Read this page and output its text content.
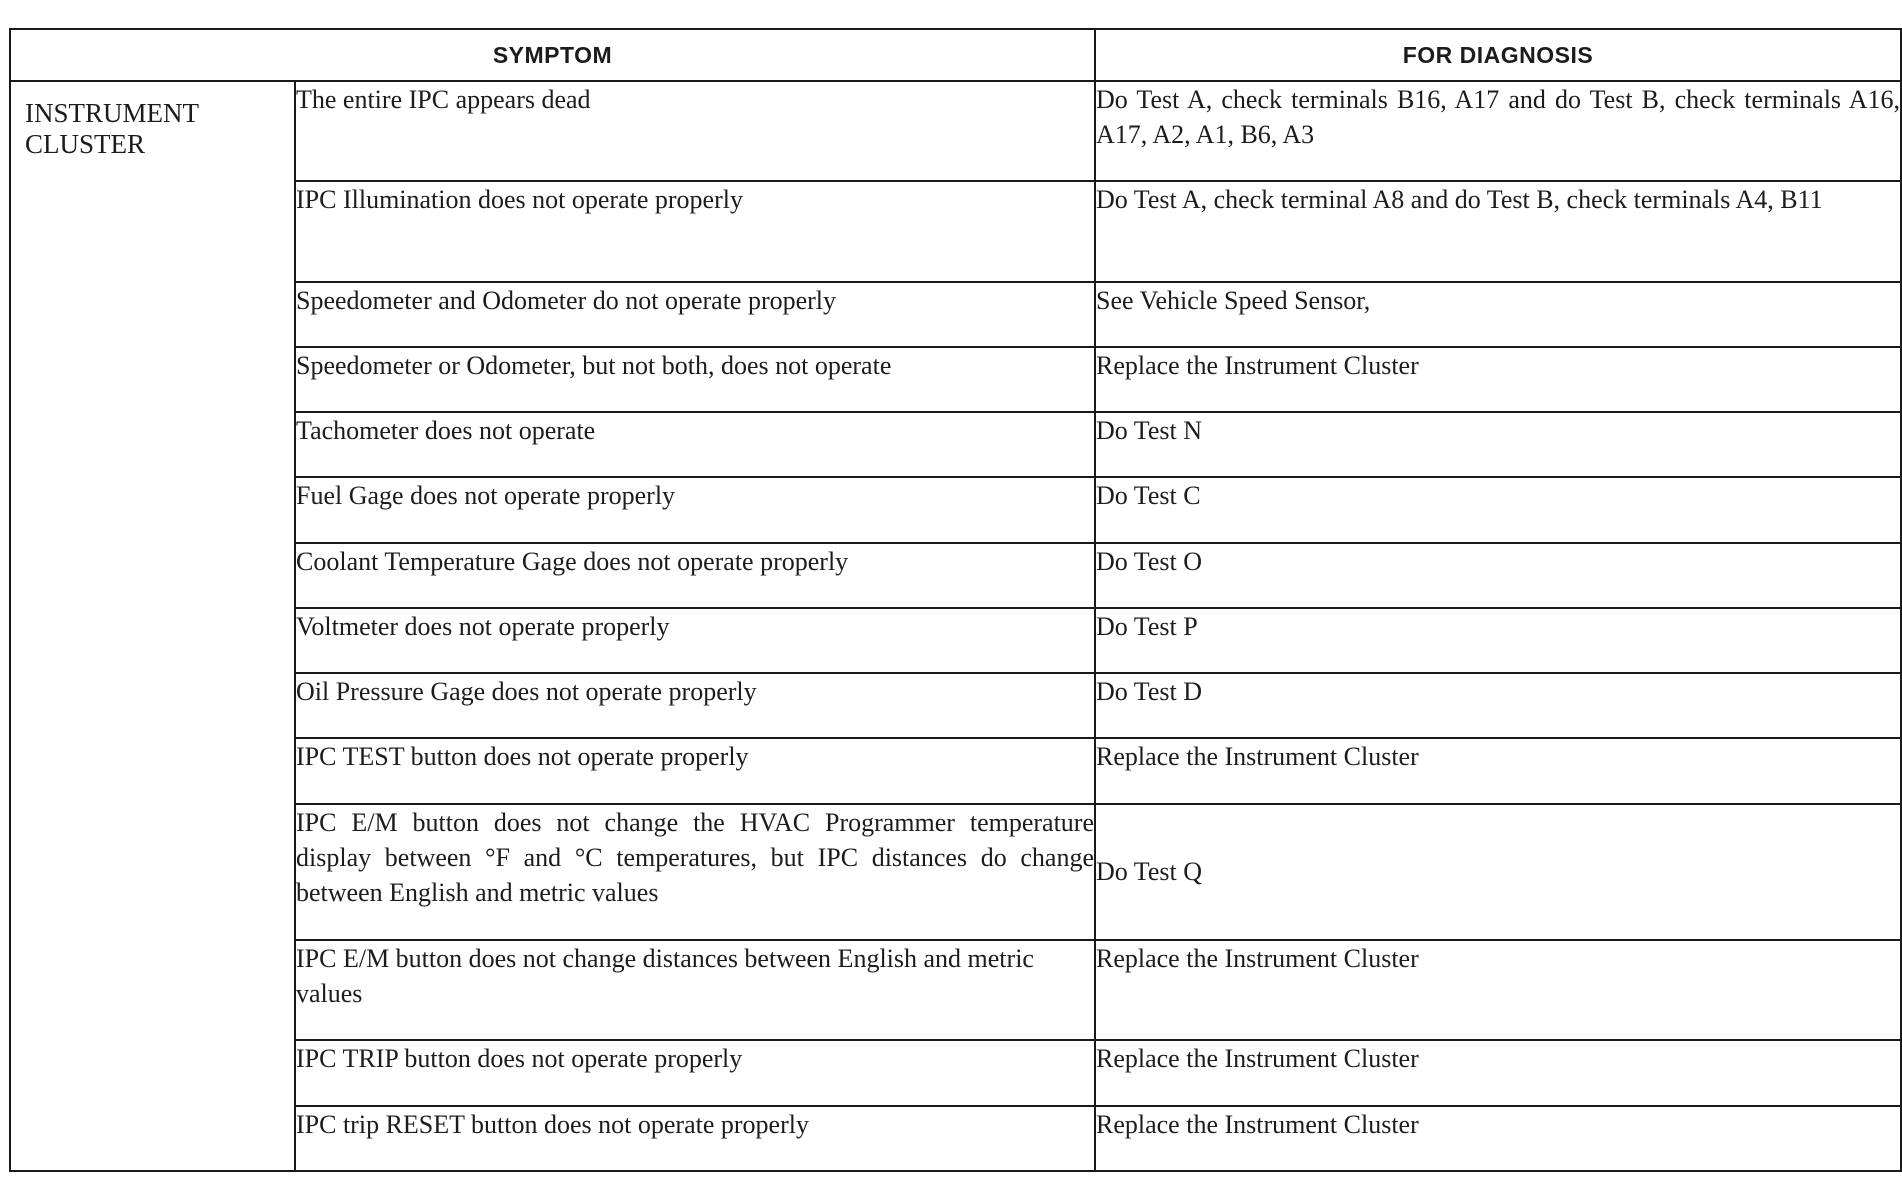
SYMPTOM		FOR DIAGNOSIS

INSTRUMENT CLUSTER	The entire IPC appears dead	Do Test A, check terminals B16, A17 and do Test B, check terminals A16, A17, A2, A1, B6, A3
	IPC Illumination does not operate properly	Do Test A, check terminal A8 and do Test B, check terminals A4, B11
	Speedometer and Odometer do not operate properly	See Vehicle Speed Sensor,
	Speedometer or Odometer, but not both, does not operate	Replace the Instrument Cluster
	Tachometer does not operate	Do Test N
	Fuel Gage does not operate properly	Do Test C
	Coolant Temperature Gage does not operate properly	Do Test O
	Voltmeter does not operate properly	Do Test P
	Oil Pressure Gage does not operate properly	Do Test D
	IPC TEST button does not operate properly	Replace the Instrument Cluster
	IPC E/M button does not change the HVAC Programmer temperature display between °F and °C temperatures, but IPC distances do change between English and metric values	Do Test Q
	IPC E/M button does not change distances between English and metric values	Replace the Instrument Cluster
	IPC TRIP button does not operate properly	Replace the Instrument Cluster
	IPC trip RESET button does not operate properly	Replace the Instrument Cluster
